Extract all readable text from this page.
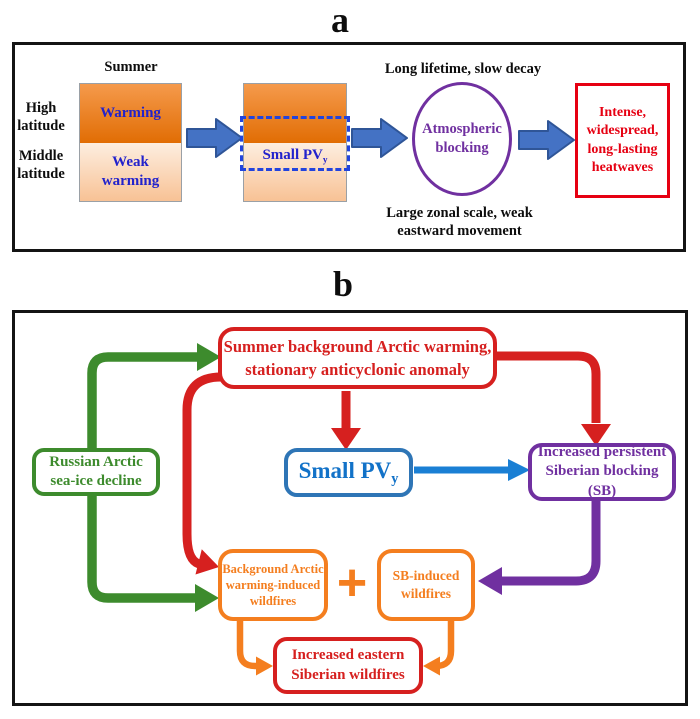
a
Summer
High
latitude
Middle
latitude
Warming
Weak
warming
Small $PV_y$
Long lifetime, slow decay
Atmospheric
blocking
Large zonal scale, weak
eastward movement
Intense,
widespread,
long-lasting
heatwaves
b
Summer background Arctic warming,
stationary anticyclonic anomaly
Russian Arctic
sea-ice decline	Small $PV_y$
Increased persistent
Siberian blocking (SB)
Background Arctic
warming-induced
wildfires +	SB-induced
wildfires
Increased eastern
Siberian wildfires
